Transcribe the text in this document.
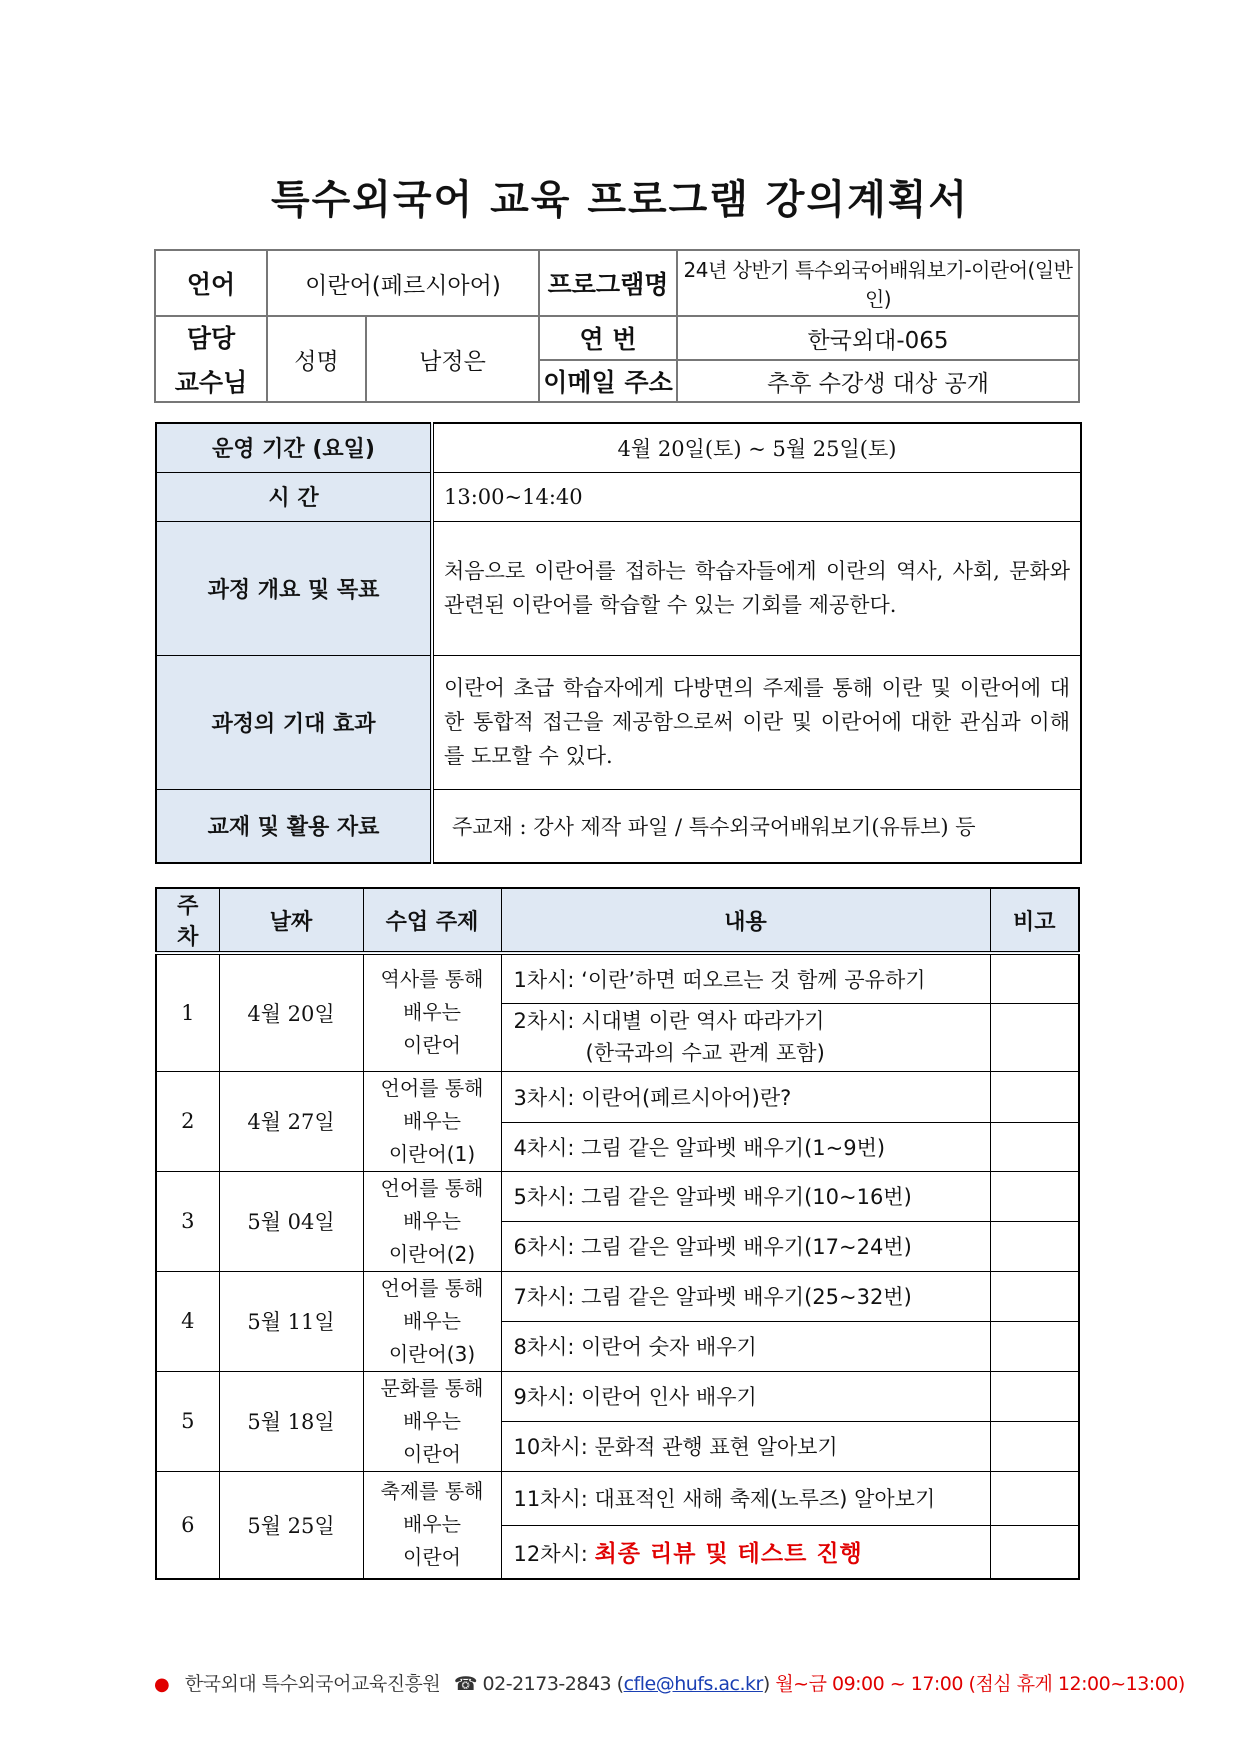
특수외국어 교육 프로그램 강의계획서
언어	이란어(페르시아어)		프로그램명	24년 상반기 특수외국어배워보기-이란어(일반인)

담당
교수님	성명	남정은	연 번	한국외대-065
			이메일 주소	추후 수강생 대상 공개
운영 기간 (요일)	4월 20일(토) ~ 5월 25일(토)
시 간	13:00~14:40
과정 개요 및 목표	처음으로 이란어를 접하는 학습자들에게 이란의 역사, 사회, 문화와 관련된 이란어를 학습할 수 있는 기회를 제공한다.
과정의 기대 효과	이란어 초급 학습자에게 다방면의 주제를 통해 이란 및 이란어에 대한 통합적 접근을 제공함으로써 이란 및 이란어에 대한 관심과 이해를 도모할 수 있다.
교재 및 활용 자료	주교재 : 강사 제작 파일 / 특수외국어배워보기(유튜브) 등
주
차	날짜	수업 주제	내용	비고
1	4월 20일	역사를 통해
배우는
이란어	1차시: ‘이란’하면 떠오르는 것 함께 공유하기	

			2차시: 시대별 이란 역사 따라가기
(한국과의 수교 관계 포함)	

2	4월 27일	언어를 통해
배우는
이란어(1)	3차시: 이란어(페르시아어)란?	
			4차시: 그림 같은 알파벳 배우기(1~9번)	
3	5월 04일	언어를 통해
배우는
이란어(2)	5차시: 그림 같은 알파벳 배우기(10~16번)	
			6차시: 그림 같은 알파벳 배우기(17~24번)	
4	5월 11일	언어를 통해
배우는
이란어(3)	7차시: 그림 같은 알파벳 배우기(25~32번)	
			8차시: 이란어 숫자 배우기	
5	5월 18일	문화를 통해
배우는
이란어	9차시: 이란어 인사 배우기	
			10차시: 문화적 관행 표현 알아보기	
6	5월 25일	축제를 통해
배우는
이란어	11차시: 대표적인 새해 축제(노루즈) 알아보기	
			12차시: 최종 리뷰 및 테스트 진행	
● 한국외대 특수외국어교육진흥원 ☎ 02-2173-2843 (cfle@hufs.ac.kr) 월~금 09:00 ~ 17:00 (점심 휴게 12:00~13:00)
